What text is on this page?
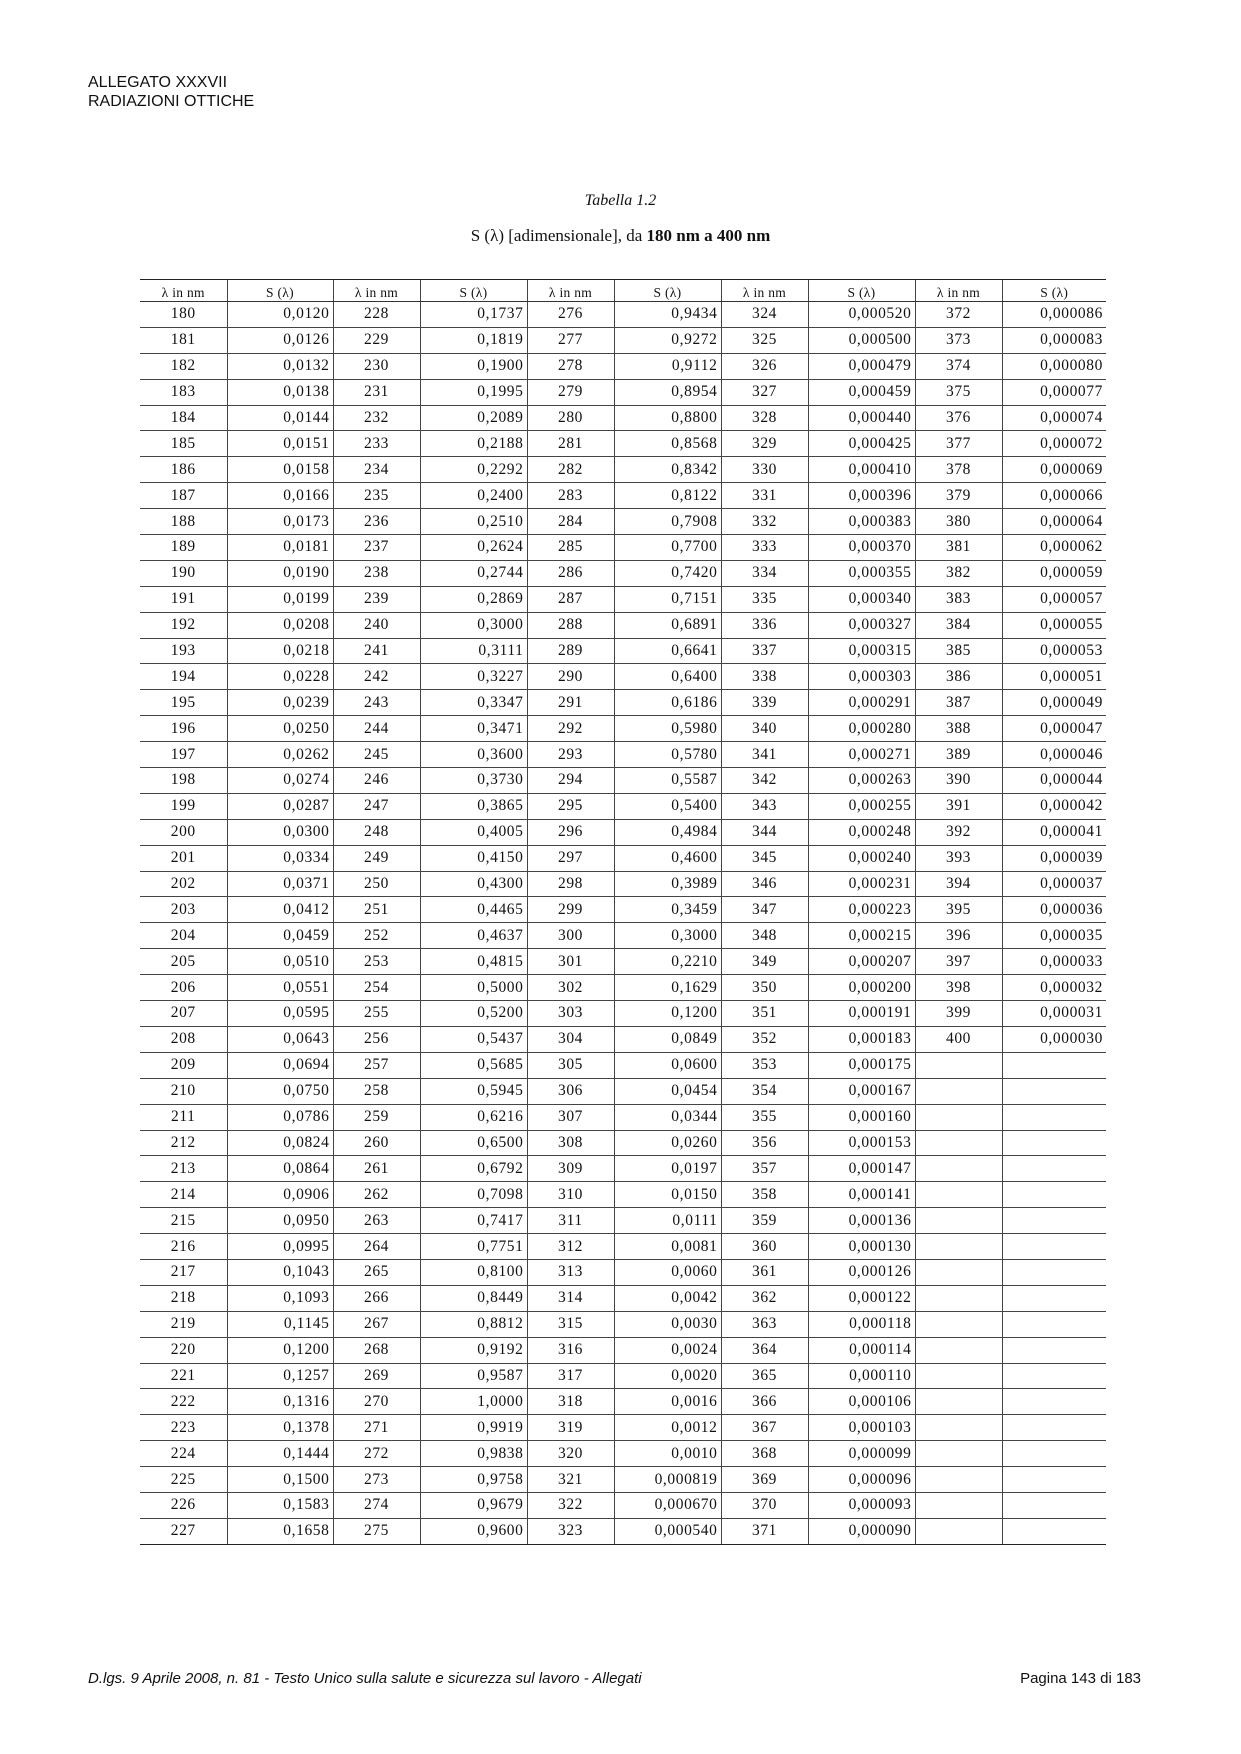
ALLEGATO XXXVII
RADIAZIONI OTTICHE
Tabella 1.2
S (λ) [adimensionale], da 180 nm a 400 nm
λ in nm	S (λ)	λ in nm	S (λ)	λ in nm	S (λ)	λ in nm	S (λ)	λ in nm	S (λ)
180	0,0120	228	0,1737	276	0,9434	324	0,000520	372	0,000086
181	0,0126	229	0,1819	277	0,9272	325	0,000500	373	0,000083
182	0,0132	230	0,1900	278	0,9112	326	0,000479	374	0,000080
183	0,0138	231	0,1995	279	0,8954	327	0,000459	375	0,000077
184	0,0144	232	0,2089	280	0,8800	328	0,000440	376	0,000074
185	0,0151	233	0,2188	281	0,8568	329	0,000425	377	0,000072
186	0,0158	234	0,2292	282	0,8342	330	0,000410	378	0,000069
187	0,0166	235	0,2400	283	0,8122	331	0,000396	379	0,000066
188	0,0173	236	0,2510	284	0,7908	332	0,000383	380	0,000064
189	0,0181	237	0,2624	285	0,7700	333	0,000370	381	0,000062
190	0,0190	238	0,2744	286	0,7420	334	0,000355	382	0,000059
191	0,0199	239	0,2869	287	0,7151	335	0,000340	383	0,000057
192	0,0208	240	0,3000	288	0,6891	336	0,000327	384	0,000055
193	0,0218	241	0,3111	289	0,6641	337	0,000315	385	0,000053
194	0,0228	242	0,3227	290	0,6400	338	0,000303	386	0,000051
195	0,0239	243	0,3347	291	0,6186	339	0,000291	387	0,000049
196	0,0250	244	0,3471	292	0,5980	340	0,000280	388	0,000047
197	0,0262	245	0,3600	293	0,5780	341	0,000271	389	0,000046
198	0,0274	246	0,3730	294	0,5587	342	0,000263	390	0,000044
199	0,0287	247	0,3865	295	0,5400	343	0,000255	391	0,000042
200	0,0300	248	0,4005	296	0,4984	344	0,000248	392	0,000041
201	0,0334	249	0,4150	297	0,4600	345	0,000240	393	0,000039
202	0,0371	250	0,4300	298	0,3989	346	0,000231	394	0,000037
203	0,0412	251	0,4465	299	0,3459	347	0,000223	395	0,000036
204	0,0459	252	0,4637	300	0,3000	348	0,000215	396	0,000035
205	0,0510	253	0,4815	301	0,2210	349	0,000207	397	0,000033
206	0,0551	254	0,5000	302	0,1629	350	0,000200	398	0,000032
207	0,0595	255	0,5200	303	0,1200	351	0,000191	399	0,000031
208	0,0643	256	0,5437	304	0,0849	352	0,000183	400	0,000030
209	0,0694	257	0,5685	305	0,0600	353	0,000175		
210	0,0750	258	0,5945	306	0,0454	354	0,000167		
211	0,0786	259	0,6216	307	0,0344	355	0,000160		
212	0,0824	260	0,6500	308	0,0260	356	0,000153		
213	0,0864	261	0,6792	309	0,0197	357	0,000147		
214	0,0906	262	0,7098	310	0,0150	358	0,000141		
215	0,0950	263	0,7417	311	0,0111	359	0,000136		
216	0,0995	264	0,7751	312	0,0081	360	0,000130		
217	0,1043	265	0,8100	313	0,0060	361	0,000126		
218	0,1093	266	0,8449	314	0,0042	362	0,000122		
219	0,1145	267	0,8812	315	0,0030	363	0,000118		
220	0,1200	268	0,9192	316	0,0024	364	0,000114		
221	0,1257	269	0,9587	317	0,0020	365	0,000110		
222	0,1316	270	1,0000	318	0,0016	366	0,000106		
223	0,1378	271	0,9919	319	0,0012	367	0,000103		
224	0,1444	272	0,9838	320	0,0010	368	0,000099		
225	0,1500	273	0,9758	321	0,000819	369	0,000096		
226	0,1583	274	0,9679	322	0,000670	370	0,000093		
227	0,1658	275	0,9600	323	0,000540	371	0,000090		
D.lgs. 9 Aprile 2008, n. 81 - Testo Unico sulla salute e sicurezza sul lavoro - Allegati	Pagina 143 di 183
